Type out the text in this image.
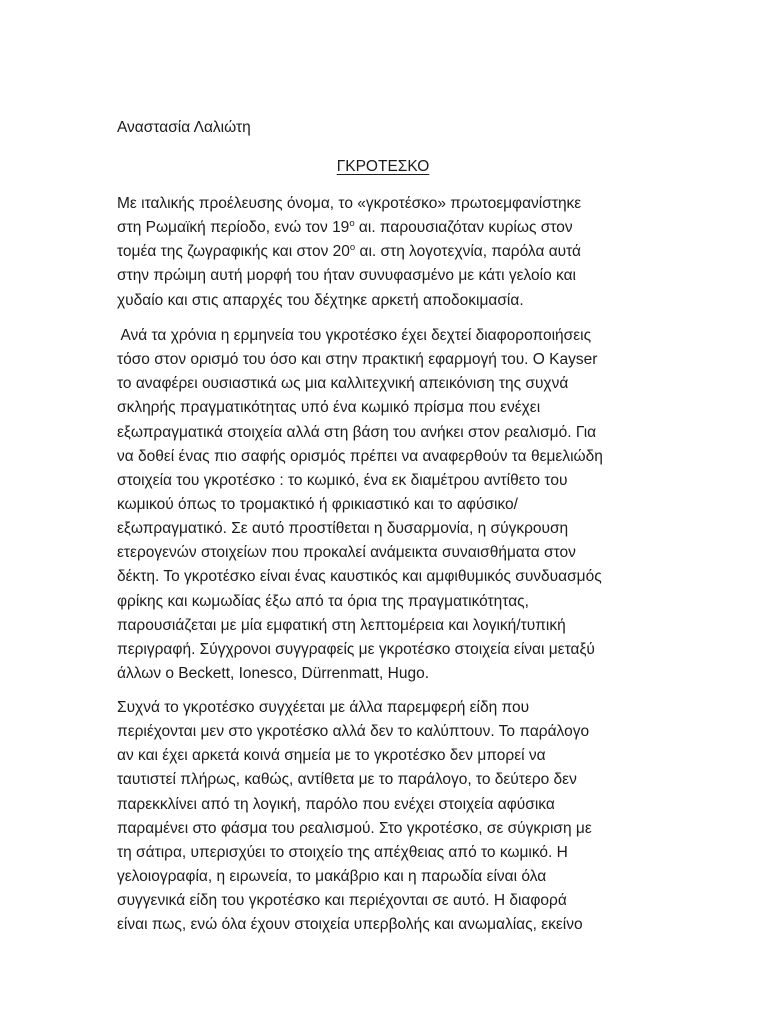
Αναστασία Λαλιώτη
ΓΚΡΟΤΕΣΚΟ
Με ιταλικής προέλευσης όνομα, το «γκροτέσκο» πρωτοεμφανίστηκε
στη Ρωμαϊκή περίοδο, ενώ τον $19^o$ αι. παρουσιαζόταν κυρίως στον
τομέα της ζωγραφικής και στον $20^o$ αι. στη λογοτεχνία, παρόλα αυτά
στην πρώιμη αυτή μορφή του ήταν συνυφασμένο με κάτι γελοίο και
χυδαίο και στις απαρχές του δέχτηκε αρκετή αποδοκιμασία.
Ανά τα χρόνια η ερμηνεία του γκροτέσκο έχει δεχτεί διαφοροποιήσεις
τόσο στον ορισμό του όσο και στην πρακτική εφαρμογή του. Ο Kayser
το αναφέρει ουσιαστικά ως μια καλλιτεχνική απεικόνιση της συχνά
σκληρής πραγματικότητας υπό ένα κωμικό πρίσμα που ενέχει
εξωπραγματικά στοιχεία αλλά στη βάση του ανήκει στον ρεαλισμό. Για
να δοθεί ένας πιο σαφής ορισμός πρέπει να αναφερθούν τα θεμελιώδη
στοιχεία του γκροτέσκο : το κωμικό, ένα εκ διαμέτρου αντίθετο του
κωμικού όπως το τρομακτικό ή φρικιαστικό και το αφύσικο/
εξωπραγματικό. Σε αυτό προστίθεται η δυσαρμονία, η σύγκρουση
ετερογενών στοιχείων που προκαλεί ανάμεικτα συναισθήματα στον
δέκτη. Το γκροτέσκο είναι ένας καυστικός και αμφιθυμικός συνδυασμός
φρίκης και κωμωδίας έξω από τα όρια της πραγματικότητας,
παρουσιάζεται με μία εμφατική στη λεπτομέρεια και λογική/τυπική
περιγραφή. Σύγχρονοι συγγραφείς με γκροτέσκο στοιχεία είναι μεταξύ
άλλων ο Beckett, Ionesco, Dürrenmatt, Hugo.
Συχνά το γκροτέσκο συγχέεται με άλλα παρεμφερή είδη που
περιέχονται μεν στο γκροτέσκο αλλά δεν το καλύπτουν. Το παράλογο
αν και έχει αρκετά κοινά σημεία με το γκροτέσκο δεν μπορεί να
ταυτιστεί πλήρως, καθώς, αντίθετα με το παράλογο, το δεύτερο δεν
παρεκκλίνει από τη λογική, παρόλο που ενέχει στοιχεία αφύσικα
παραμένει στο φάσμα του ρεαλισμού. Στο γκροτέσκο, σε σύγκριση με
τη σάτιρα, υπερισχύει το στοιχείο της απέχθειας από το κωμικό. Η
γελοιογραφία, η ειρωνεία, το μακάβριο και η παρωδία είναι όλα
συγγενικά είδη του γκροτέσκο και περιέχονται σε αυτό. Η διαφορά
είναι πως, ενώ όλα έχουν στοιχεία υπερβολής και ανωμαλίας, εκείνο
